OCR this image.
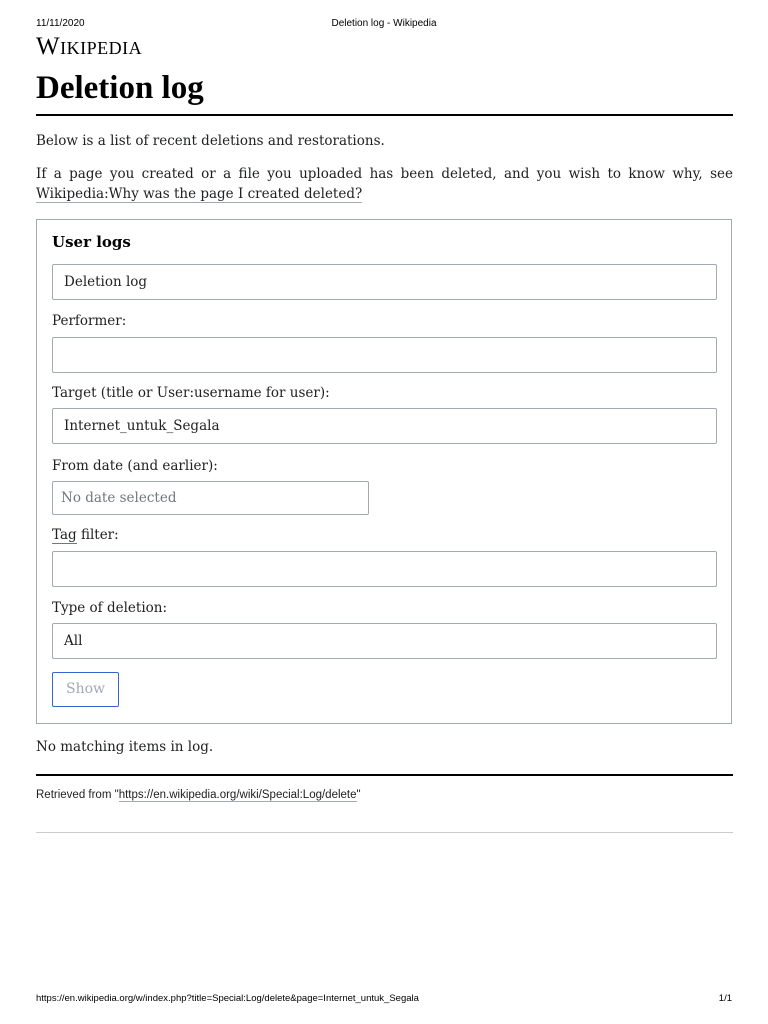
11/11/2020	Deletion log - Wikipedia
Wikipedia
Deletion log

Below is a list of recent deletions and restorations.

If a page you created or a file you uploaded has been deleted, and you wish to know why, see Wikipedia:Why was the page I created deleted?

User logs
Deletion log
Performer:
Target (title or User:username for user):
Internet_untuk_Segala
From date (and earlier):
No date selected
Tag filter:
Type of deletion:
All
Show
No matching items in log.
Retrieved from "https://en.wikipedia.org/wiki/Special:Log/delete"
https://en.wikipedia.org/w/index.php?title=Special:Log/delete&page=Internet_untuk_Segala	1/1
